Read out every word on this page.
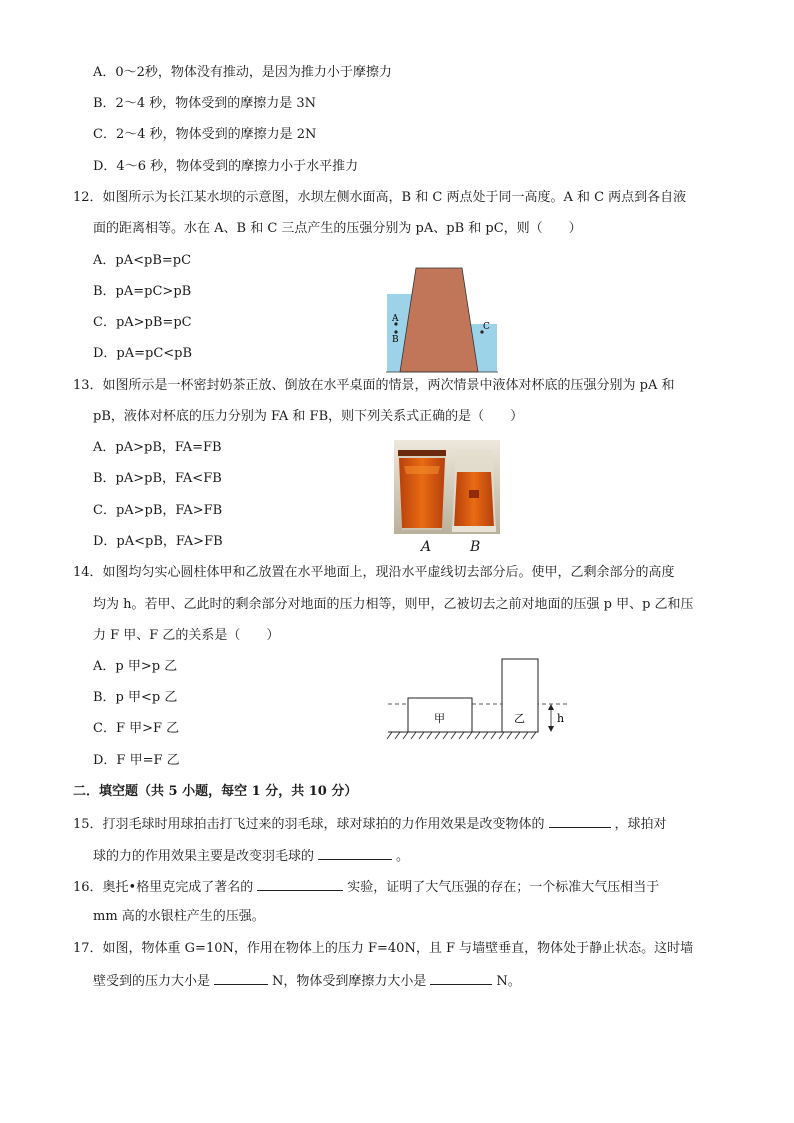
A．0～2秒，物体没有推动，是因为推力小于摩擦力
B．2～4 秒，物体受到的摩擦力是 3N
C．2～4 秒，物体受到的摩擦力是 2N
D．4～6 秒，物体受到的摩擦力小于水平推力
12．如图所示为长江某水坝的示意图，水坝左侧水面高，B 和 C 两点处于同一高度。A 和 C 两点到各自液
面的距离相等。水在 A、B 和 C 三点产生的压强分别为 pA、pB 和 pC，则（　　）
A．pA<pB=pC
B．pA=pC>pB
C．pA>pB=pC
D．pA=pC<pB
A
B
C
13．如图所示是一杯密封奶茶正放、倒放在水平桌面的情景，两次情景中液体对杯底的压强分别为 pA 和
pB，液体对杯底的压力分别为 FA 和 FB，则下列关系式正确的是（　　）
A．pA>pB，FA=FB
B．pA>pB，FA<FB
C．pA>pB，FA>FB
D．pA<pB，FA>FB	A	B
14．如图均匀实心圆柱体甲和乙放置在水平地面上，现沿水平虚线切去部分后。使甲，乙剩余部分的高度
均为 h。若甲、乙此时的剩余部分对地面的压力相等，则甲，乙被切去之前对地面的压强 p 甲、p 乙和压
力 F 甲、F 乙的关系是（　　）
A．p 甲>p 乙
B．p 甲<p 乙
C．F 甲>F 乙
D．F 甲=F 乙
甲	乙	h
二．填空题（共 5 小题，每空 1 分，共 10 分）
15．打羽毛球时用球拍击打飞过来的羽毛球，球对球拍的力作用效果是改变物体的	，球拍对
球的力的作用效果主要是改变羽毛球的	。
16．奥托•格里克完成了著名的	实验，证明了大气压强的存在；一个标准大气压相当于
mm 高的水银柱产生的压强。
17．如图，物体重 G=10N，作用在物体上的压力 F=40N，且 F 与墙壁垂直，物体处于静止状态。这时墙
壁受到的压力大小是	N，物体受到摩擦力大小是	N。
